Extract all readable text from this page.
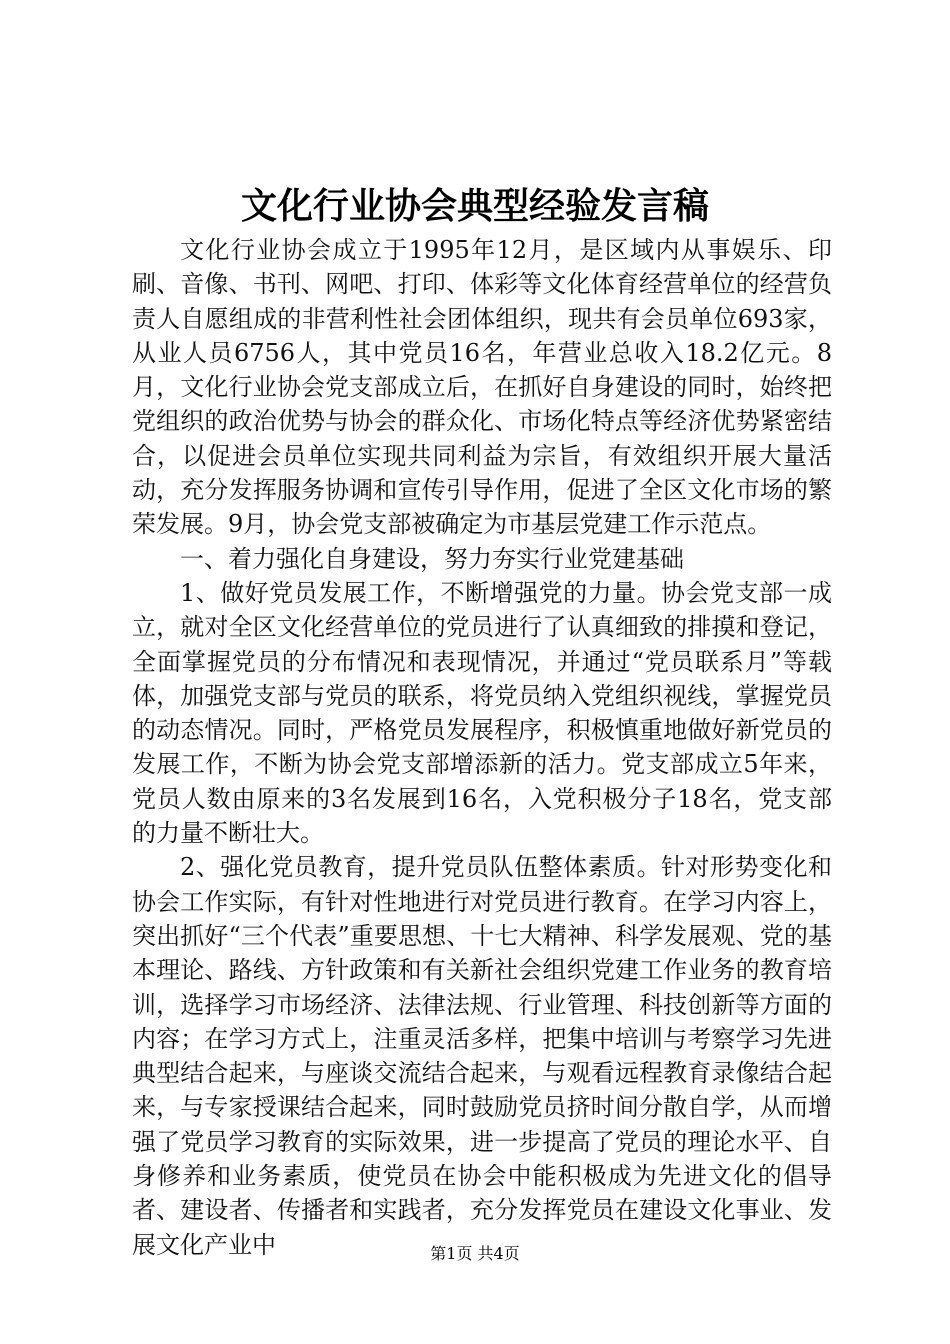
文化行业协会典型经验发言稿

文化行业协会成立于1995年12月，是区域内从事娱乐、印刷、音像、书刊、网吧、打印、体彩等文化体育经营单位的经营负责人自愿组成的非营利性社会团体组织，现共有会员单位693家，从业人员6756人，其中党员16名，年营业总收入18.2亿元。8月，文化行业协会党支部成立后，在抓好自身建设的同时，始终把党组织的政治优势与协会的群众化、市场化特点等经济优势紧密结合，以促进会员单位实现共同利益为宗旨，有效组织开展大量活动，充分发挥服务协调和宣传引导作用，促进了全区文化市场的繁荣发展。9月，协会党支部被确定为市基层党建工作示范点。

一、着力强化自身建设，努力夯实行业党建基础

1、做好党员发展工作，不断增强党的力量。协会党支部一成立，就对全区文化经营单位的党员进行了认真细致的排摸和登记，全面掌握党员的分布情况和表现情况，并通过“党员联系月”等载体，加强党支部与党员的联系，将党员纳入党组织视线，掌握党员的动态情况。同时，严格党员发展程序，积极慎重地做好新党员的发展工作，不断为协会党支部增添新的活力。党支部成立5年来，党员人数由原来的3名发展到16名，入党积极分子18名，党支部的力量不断壮大。

2、强化党员教育，提升党员队伍整体素质。针对形势变化和协会工作实际，有针对性地进行对党员进行教育。在学习内容上，突出抓好“三个代表”重要思想、十七大精神、科学发展观、党的基本理论、路线、方针政策和有关新社会组织党建工作业务的教育培训，选择学习市场经济、法律法规、行业管理、科技创新等方面的内容；在学习方式上，注重灵活多样，把集中培训与考察学习先进典型结合起来，与座谈交流结合起来，与观看远程教育录像结合起来，与专家授课结合起来，同时鼓励党员挤时间分散自学，从而增强了党员学习教育的实际效果，进一步提高了党员的理论水平、自身修养和业务素质，使党员在协会中能积极成为先进文化的倡导者、建设者、传播者和实践者，充分发挥党员在建设文化事业、发展文化产业中	第1页 共4页
